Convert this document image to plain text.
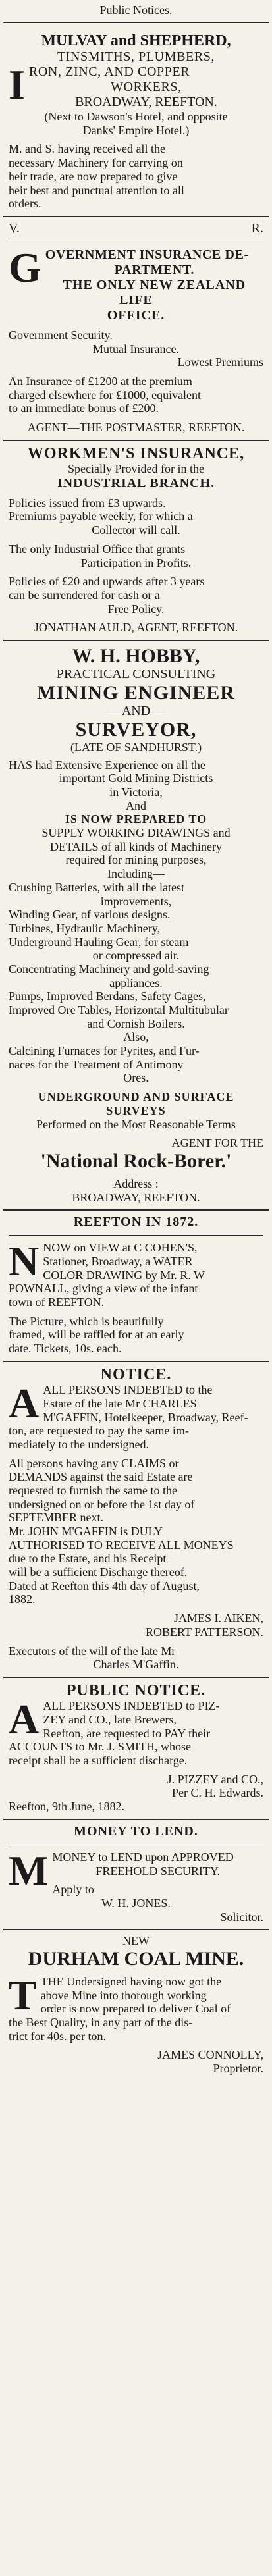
Public Notices.
MULVAY and SHEPHERD,
TINSMITHS, PLUMBERS,
I RON, ZINC, AND COPPER
WORKERS,
BROADWAY, REEFTON.
(Next to Dawson's Hotel, and opposite
Danks' Empire Hotel.)
M. and S. having received all the
necessary Machinery for carrying on
heir trade, are now prepared to give
heir best and punctual attention to all
orders.
V.	R.
G OVERNMENT INSURANCE DE-
PARTMENT.
THE ONLY NEW ZEALAND LIFE
OFFICE.
Government Security.
Mutual Insurance.
Lowest Premiums
An Insurance of £1200 at the premium
charged elsewhere for £1000, equivalent
to an immediate bonus of £200.
AGENT—THE POSTMASTER, REEFTON.
WORKMEN'S INSURANCE,
Specially Provided for in the
INDUSTRIAL BRANCH.
Policies issued from £3 upwards.
Premiums payable weekly, for which a
Collector will call.
The only Industrial Office that grants
Participation in Profits.
Policies of £20 and upwards after 3 years
can be surrendered for cash or a
Free Policy.
JONATHAN AULD, AGENT, REEFTON.
W. H. HOBBY,
PRACTICAL CONSULTING
MINING ENGINEER
—AND—
SURVEYOR,
(LATE OF SANDHURST.)
HAS had Extensive Experience on all the
important Gold Mining Districts
in Victoria,
And
IS NOW PREPARED TO
SUPPLY WORKING DRAWINGS and
DETAILS of all kinds of Machinery
required for mining purposes,
Including—
Crushing Batteries, with all the latest
improvements,
Winding Gear, of various designs.
Turbines, Hydraulic Machinery,
Underground Hauling Gear, for steam
or compressed air.
Concentrating Machinery and gold-saving
appliances.
Pumps, Improved Berdans, Safety Cages,
Improved Ore Tables, Horizontal Multitubular
and Cornish Boilers.
Also,
Calcining Furnaces for Pyrites, and Fur-
naces for the Treatment of Antimony
Ores.
UNDERGROUND AND SURFACE
SURVEYS
Performed on the Most Reasonable Terms
AGENT FOR THE
'National Rock-Borer.'
Address :
BROADWAY, REEFTON.
REEFTON IN 1872.
N NOW on VIEW at C COHEN'S,
Stationer, Broadway, a WATER
COLOR DRAWING by Mr. R. W
POWNALL, giving a view of the infant
town of REEFTON.
The Picture, which is beautifully
framed, will be raffled for at an early
date. Tickets, 10s. each.
NOTICE.
A ALL PERSONS INDEBTED to the
Estate of the late Mr CHARLES
M'GAFFIN, Hotelkeeper, Broadway, Reef-
ton, are requested to pay the same im-
mediately to the undersigned.
All persons having any CLAIMS or
DEMANDS against the said Estate are
requested to furnish the same to the
undersigned on or before the 1st day of
SEPTEMBER next.
Mr. JOHN M'GAFFIN is DULY
AUTHORISED TO RECEIVE ALL MONEYS
due to the Estate, and his Receipt
will be a sufficient Discharge thereof.
Dated at Reefton this 4th day of August,
1882.
JAMES I. AIKEN,
ROBERT PATTERSON.
Executors of the will of the late Mr
Charles M'Gaffin.
PUBLIC NOTICE.
A ALL PERSONS INDEBTED to PIZ-
ZEY and CO., late Brewers,
Reefton, are requested to PAY their
ACCOUNTS to Mr. J. SMITH, whose
receipt shall be a sufficient discharge.
J. PIZZEY and CO.,
Per C. H. Edwards.
Reefton, 9th June, 1882.
MONEY TO LEND.
M MONEY to LEND upon APPROVED
FREEHOLD SECURITY.
Apply to
W. H. JONES.
Solicitor.
NEW
DURHAM COAL MINE.
T THE Undersigned having now got the
above Mine into thorough working
order is now prepared to deliver Coal of
the Best Quality, in any part of the dis-
trict for 40s. per ton.
JAMES CONNOLLY,
Proprietor.
